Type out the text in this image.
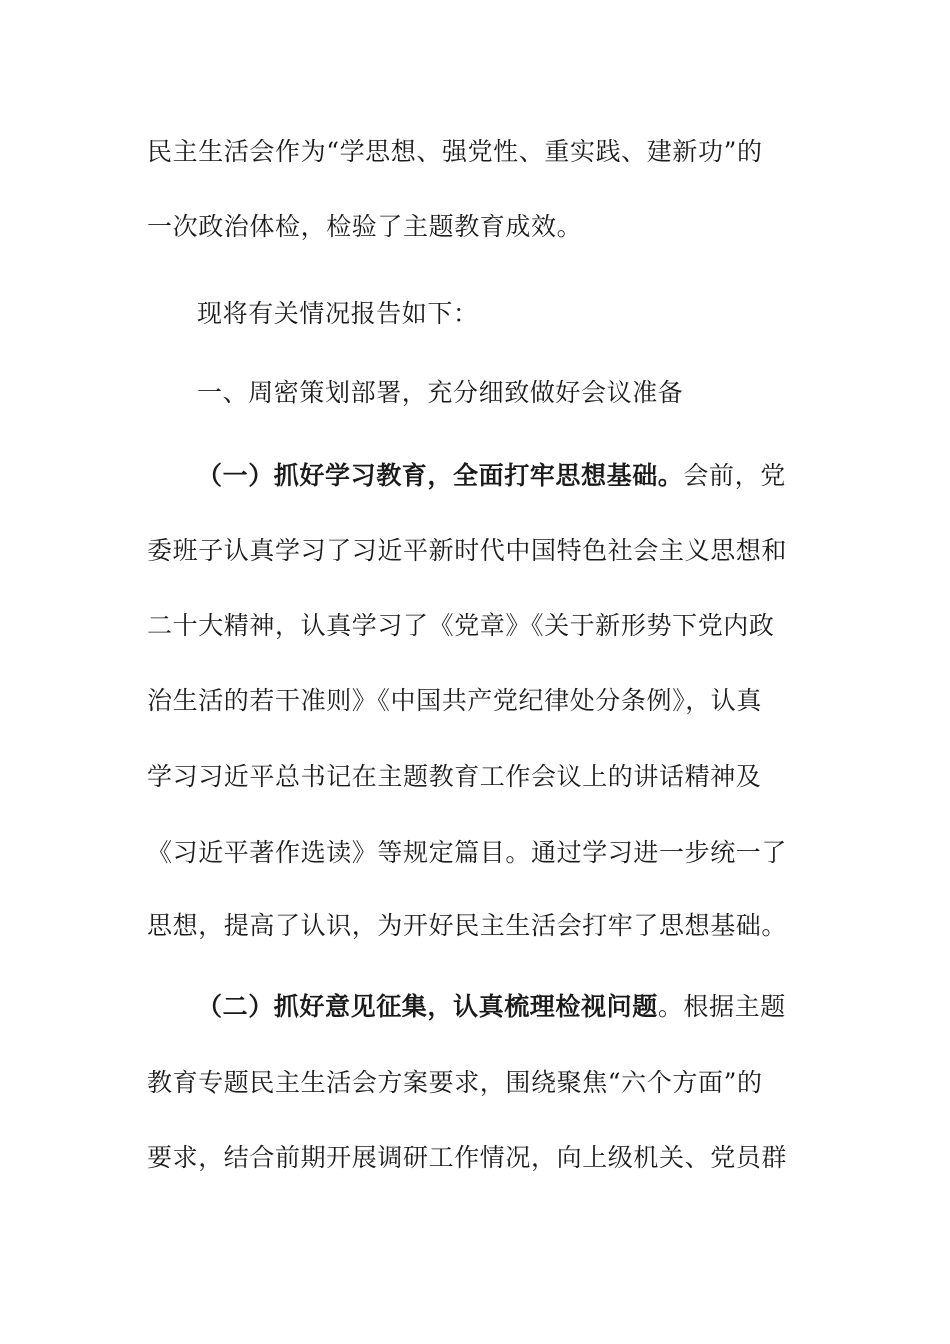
民主生活会作为“学思想、强党性、重实践、建新功”的
一次政治体检，检验了主题教育成效。
现将有关情况报告如下：
一、周密策划部署，充分细致做好会议准备
（一）抓好学习教育，全面打牢思想基础。会前，党
委班子认真学习了习近平新时代中国特色社会主义思想和
二十大精神，认真学习了《党章》《关于新形势下党内政
治生活的若干准则》《中国共产党纪律处分条例》，认真
学习习近平总书记在主题教育工作会议上的讲话精神及
《习近平著作选读》等规定篇目。通过学习进一步统一了
思想，提高了认识，为开好民主生活会打牢了思想基础。
（二）抓好意见征集，认真梳理检视问题。根据主题
教育专题民主生活会方案要求，围绕聚焦“六个方面”的
要求，结合前期开展调研工作情况，向上级机关、党员群
